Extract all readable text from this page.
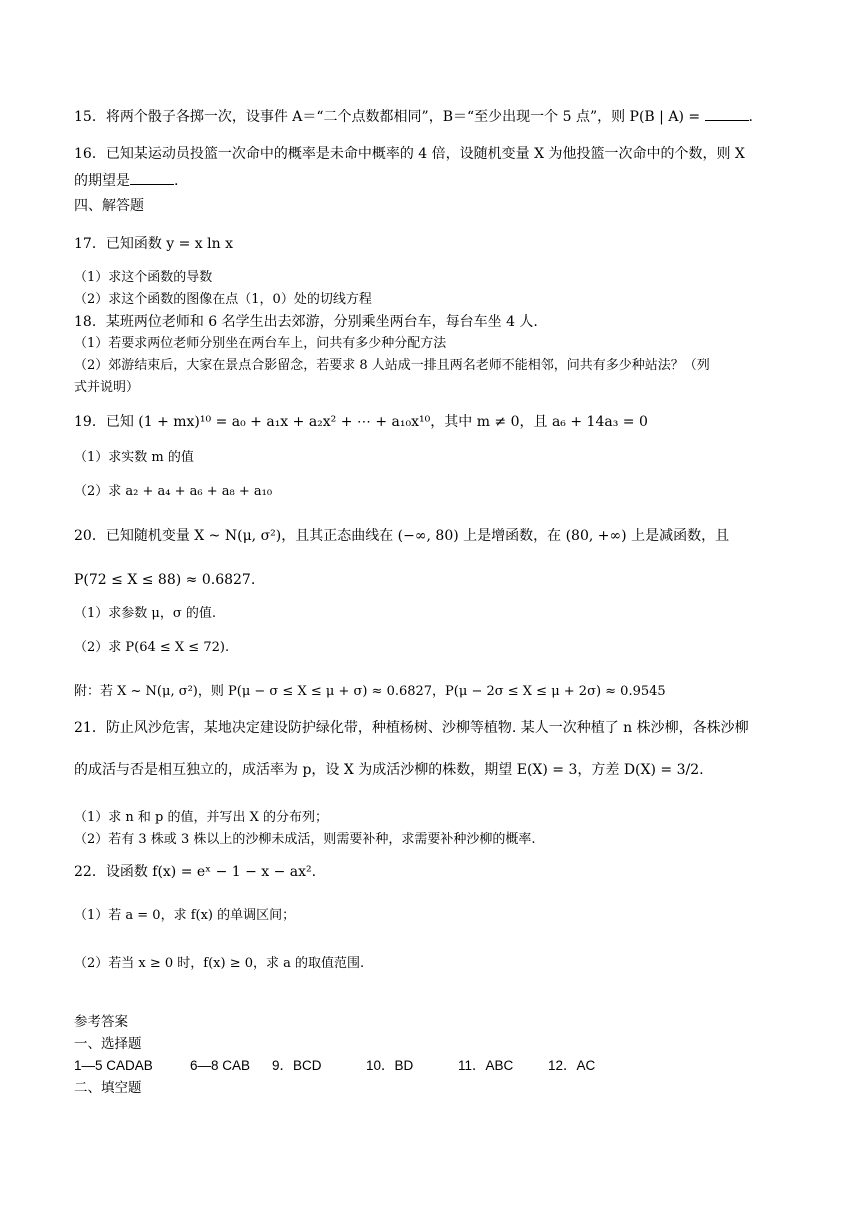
15．将两个骰子各掷一次，设事件 A＝“二个点数都相同”，B＝“至少出现一个 5 点”，则 P(B | A) =	.
16．已知某运动员投篮一次命中的概率是未命中概率的 4 倍，设随机变量 X 为他投篮一次命中的个数，则 X
的期望是	.
四、解答题
17．已知函数 y = x ln x
（1）求这个函数的导数
（2）求这个函数的图像在点（1，0）处的切线方程
18．某班两位老师和 6 名学生出去郊游，分别乘坐两台车，每台车坐 4 人.
（1）若要求两位老师分别坐在两台车上，问共有多少种分配方法
（2）郊游结束后，大家在景点合影留念，若要求 8 人站成一排且两名老师不能相邻，问共有多少种站法？（列
式并说明）
19．已知 (1 + mx)¹⁰ = a₀ + a₁x + a₂x² + ⋯ + a₁₀x¹⁰，其中 m ≠ 0，且 a₆ + 14a₃ = 0
（1）求实数 m 的值
（2）求 a₂ + a₄ + a₆ + a₈ + a₁₀
20．已知随机变量 X ~ N(μ, σ²)，且其正态曲线在 (−∞, 80) 上是增函数，在 (80, +∞) 上是减函数，且
P(72 ≤ X ≤ 88) ≈ 0.6827.
（1）求参数 μ，σ 的值.
（2）求 P(64 ≤ X ≤ 72).
附：若 X ~ N(μ, σ²)，则 P(μ − σ ≤ X ≤ μ + σ) ≈ 0.6827，P(μ − 2σ ≤ X ≤ μ + 2σ) ≈ 0.9545
21．防止风沙危害，某地决定建设防护绿化带，种植杨树、沙柳等植物. 某人一次种植了 n 株沙柳，各株沙柳
的成活与否是相互独立的，成活率为 p，设 X 为成活沙柳的株数，期望 E(X) = 3，方差 D(X) = 3/2.
（1）求 n 和 p 的值，并写出 X 的分布列；
（2）若有 3 株或 3 株以上的沙柳未成活，则需要补种，求需要补种沙柳的概率.
22．设函数 f(x) = eˣ − 1 − x − ax².
（1）若 a = 0，求 f(x) 的单调区间；
（2）若当 x ≥ 0 时，f(x) ≥ 0，求 a 的取值范围.
参考答案
一、选择题
1—5 CADAB	6—8 CAB 9．BCD	10．BD	11．ABC	12．AC
二、填空题
